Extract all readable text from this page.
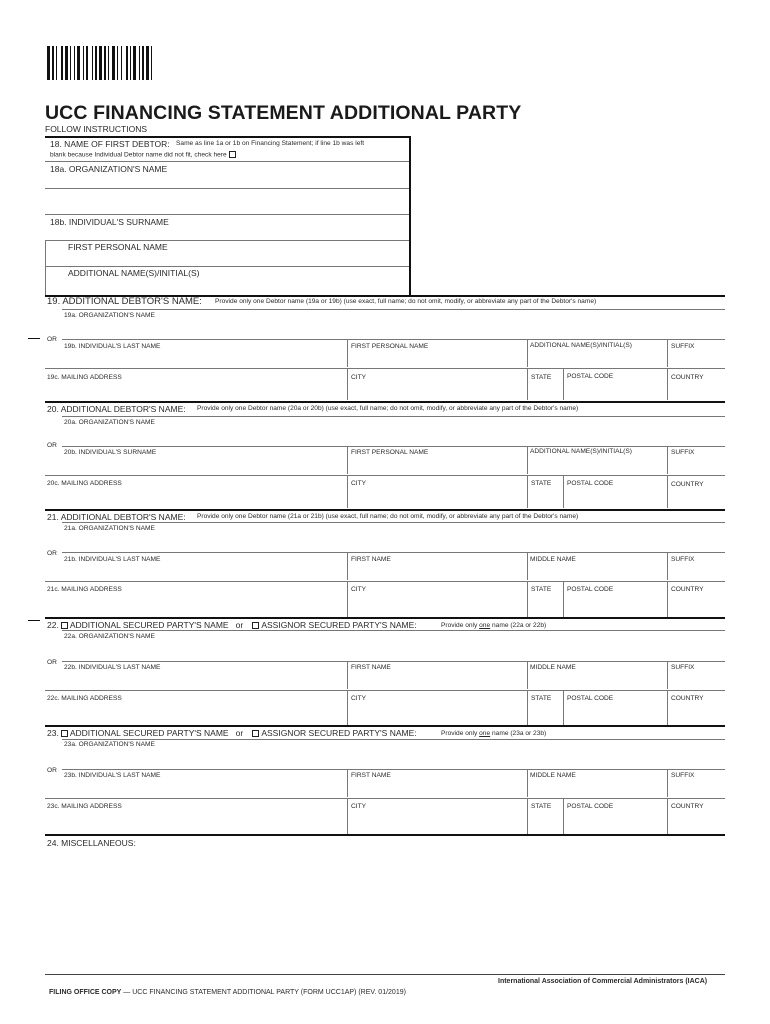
UCC FINANCING STATEMENT ADDITIONAL PARTY
FOLLOW INSTRUCTIONS
18. NAME OF FIRST DEBTOR: Same as line 1a or 1b on Financing Statement; if line 1b was left
blank because Individual Debtor name did not fit, check here
18a. ORGANIZATION'S NAME
18b. INDIVIDUAL'S SURNAME
FIRST PERSONAL NAME
ADDITIONAL NAME(S)/INITIAL(S)
19. ADDITIONAL DEBTOR'S NAME: Provide only one Debtor name (19a or 19b) (use exact, full name; do not omit, modify, or abbreviate any part of the Debtor's name)
19a. ORGANIZATION'S NAME
OR
19b. INDIVIDUAL'S LAST NAME	FIRST PERSONAL NAME	ADDITIONAL NAME(S)/INITIAL(S)	SUFFIX
19c. MAILING ADDRESS	CITY	STATE POSTAL CODE	COUNTRY
20. ADDITIONAL DEBTOR'S NAME: Provide only one Debtor name (20a or 20b) (use exact, full name; do not omit, modify, or abbreviate any part of the Debtor's name)
20a. ORGANIZATION'S NAME
OR
20b. INDIVIDUAL'S SURNAME	FIRST PERSONAL NAME	ADDITIONAL NAME(S)/INITIAL(S)	SUFFIX
20c. MAILING ADDRESS	CITY	STATE POSTAL CODE	COUNTRY
21. ADDITIONAL DEBTOR'S NAME: Provide only one Debtor name (21a or 21b) (use exact, full name; do not omit, modify, or abbreviate any part of the Debtor's name)
21a. ORGANIZATION'S NAME
OR
21b. INDIVIDUAL'S LAST NAME	FIRST NAME	MIDDLE NAME	SUFFIX
21c. MAILING ADDRESS	CITY	STATE POSTAL CODE	COUNTRY
22. ADDITIONAL SECURED PARTY'S NAME or ASSIGNOR SECURED PARTY'S NAME:	Provide only one name (22a or 22b)
22a. ORGANIZATION'S NAME
OR
22b. INDIVIDUAL'S LAST NAME	FIRST NAME	MIDDLE NAME	SUFFIX
22c. MAILING ADDRESS	CITY	STATE POSTAL CODE	COUNTRY
23. ADDITIONAL SECURED PARTY'S NAME or ASSIGNOR SECURED PARTY'S NAME:	Provide only one name (23a or 23b)
23a. ORGANIZATION'S NAME
OR
23b. INDIVIDUAL'S LAST NAME	FIRST NAME	MIDDLE NAME	SUFFIX
23c. MAILING ADDRESS	CITY	STATE POSTAL CODE	COUNTRY
24. MISCELLANEOUS:
International Association of Commercial Administrators (IACA)
FILING OFFICE COPY — UCC FINANCING STATEMENT ADDITIONAL PARTY (FORM UCC1AP) (REV. 01/2019)
